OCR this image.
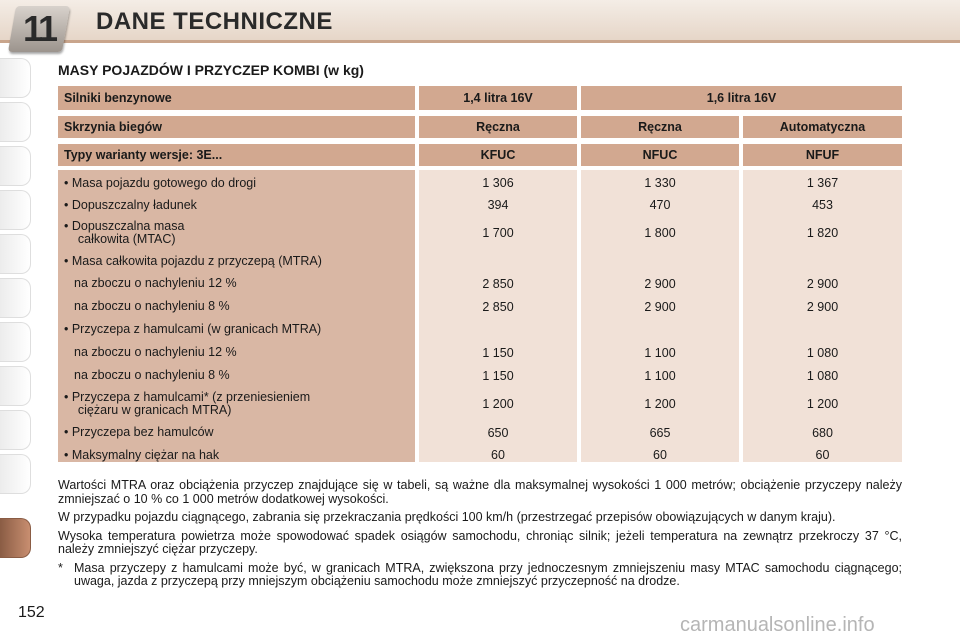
11	DANE TECHNICZNE
MASY POJAZDÓW I PRZYCZEP KOMBI (w kg)
Silniki benzynowe	1,4 litra 16V	1,6 litra 16V
Skrzynia biegów	Ręczna	Ręczna	Automatyczna
Typy warianty wersje: 3E...	KFUC	NFUC	NFUF
• Masa pojazdu gotowego do drogi	1 306	1 330	1 367
• Dopuszczalny ładunek	394	470	453
• Dopuszczalna masa
całkowita (MTAC)	1 700	1 800	1 820
• Masa całkowita pojazdu z przyczepą (MTRA)
na zboczu o nachyleniu 12 %	2 850	2 900	2 900
na zboczu o nachyleniu 8 %	2 850	2 900	2 900
• Przyczepa z hamulcami (w granicach MTRA)
na zboczu o nachyleniu 12 %	1 150	1 100	1 080
na zboczu o nachyleniu 8 %	1 150	1 100	1 080
• Przyczepa z hamulcami* (z przeniesieniem
ciężaru w granicach MTRA)	1 200	1 200	1 200
• Przyczepa bez hamulców	650	665	680
• Maksymalny ciężar na hak	60	60	60

Wartości MTRA oraz obciążenia przyczep znajdujące się w tabeli, są ważne dla maksymalnej wysokości 1 000 metrów; obciążenie przyczepy należy zmniejszać o 10 % co 1 000 metrów dodatkowej wysokości.

W przypadku pojazdu ciągnącego, zabrania się przekraczania prędkości 100 km/h (przestrzegać przepisów obowiązujących w danym kraju).

Wysoka temperatura powietrza może spowodować spadek osiągów samochodu, chroniąc silnik; jeżeli temperatura na zewnątrz przekroczy 37 °C, należy zmniejszyć ciężar przyczepy.

* Masa przyczepy z hamulcami może być, w granicach MTRA, zwiększona przy jednoczesnym zmniejszeniu masy MTAC samochodu ciągnącego; uwaga, jazda z przyczepą przy mniejszym obciążeniu samochodu może zmniejszyć przyczepność na drodze.
152
carmanualsonline.info
